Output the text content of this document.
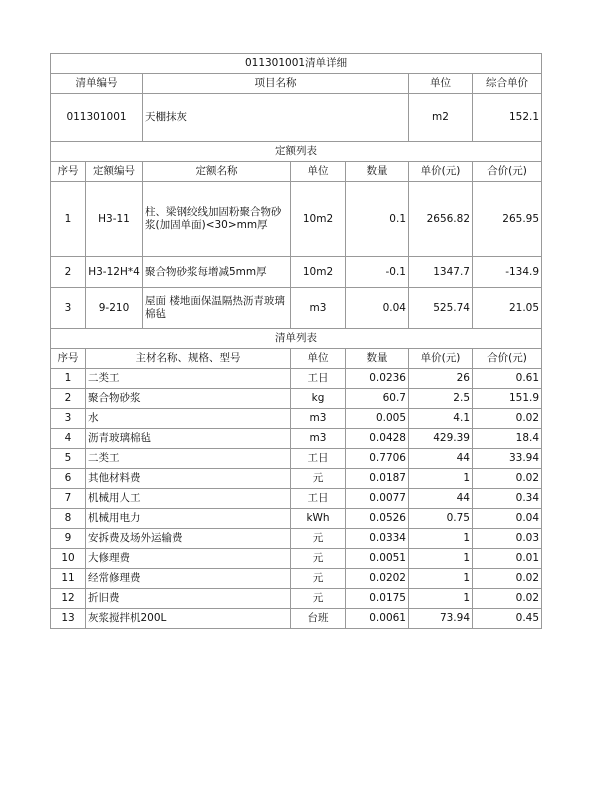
011301001清单详细						
清单编号		项目名称			单位	综合单价
011301001		天棚抹灰			m2	152.1
定额列表						
序号	定额编号	定额名称	单位	数量	单价(元)	合价(元)
1	H3-11	柱、梁钢绞线加固粉聚合物砂浆(加固单面)<30>mm厚	10m2	0.1	2656.82	265.95
2	H3-12H*4	聚合物砂浆每增减5mm厚	10m2	-0.1	1347.7	-134.9
3	9-210	屋面 楼地面保温隔热沥青玻璃棉毡	m3	0.04	525.74	21.05
清单列表						
序号	主材名称、规格、型号		单位	数量	单价(元)	合价(元)
1	二类工		工日	0.0236	26	0.61
2	聚合物砂浆		kg	60.7	2.5	151.9
3	水		m3	0.005	4.1	0.02
4	沥青玻璃棉毡		m3	0.0428	429.39	18.4
5	二类工		工日	0.7706	44	33.94
6	其他材料费		元	0.0187	1	0.02
7	机械用人工		工日	0.0077	44	0.34
8	机械用电力		kWh	0.0526	0.75	0.04
9	安拆费及场外运输费		元	0.0334	1	0.03
10	大修理费		元	0.0051	1	0.01
11	经常修理费		元	0.0202	1	0.02
12	折旧费		元	0.0175	1	0.02
13	灰浆搅拌机200L		台班	0.0061	73.94	0.45
